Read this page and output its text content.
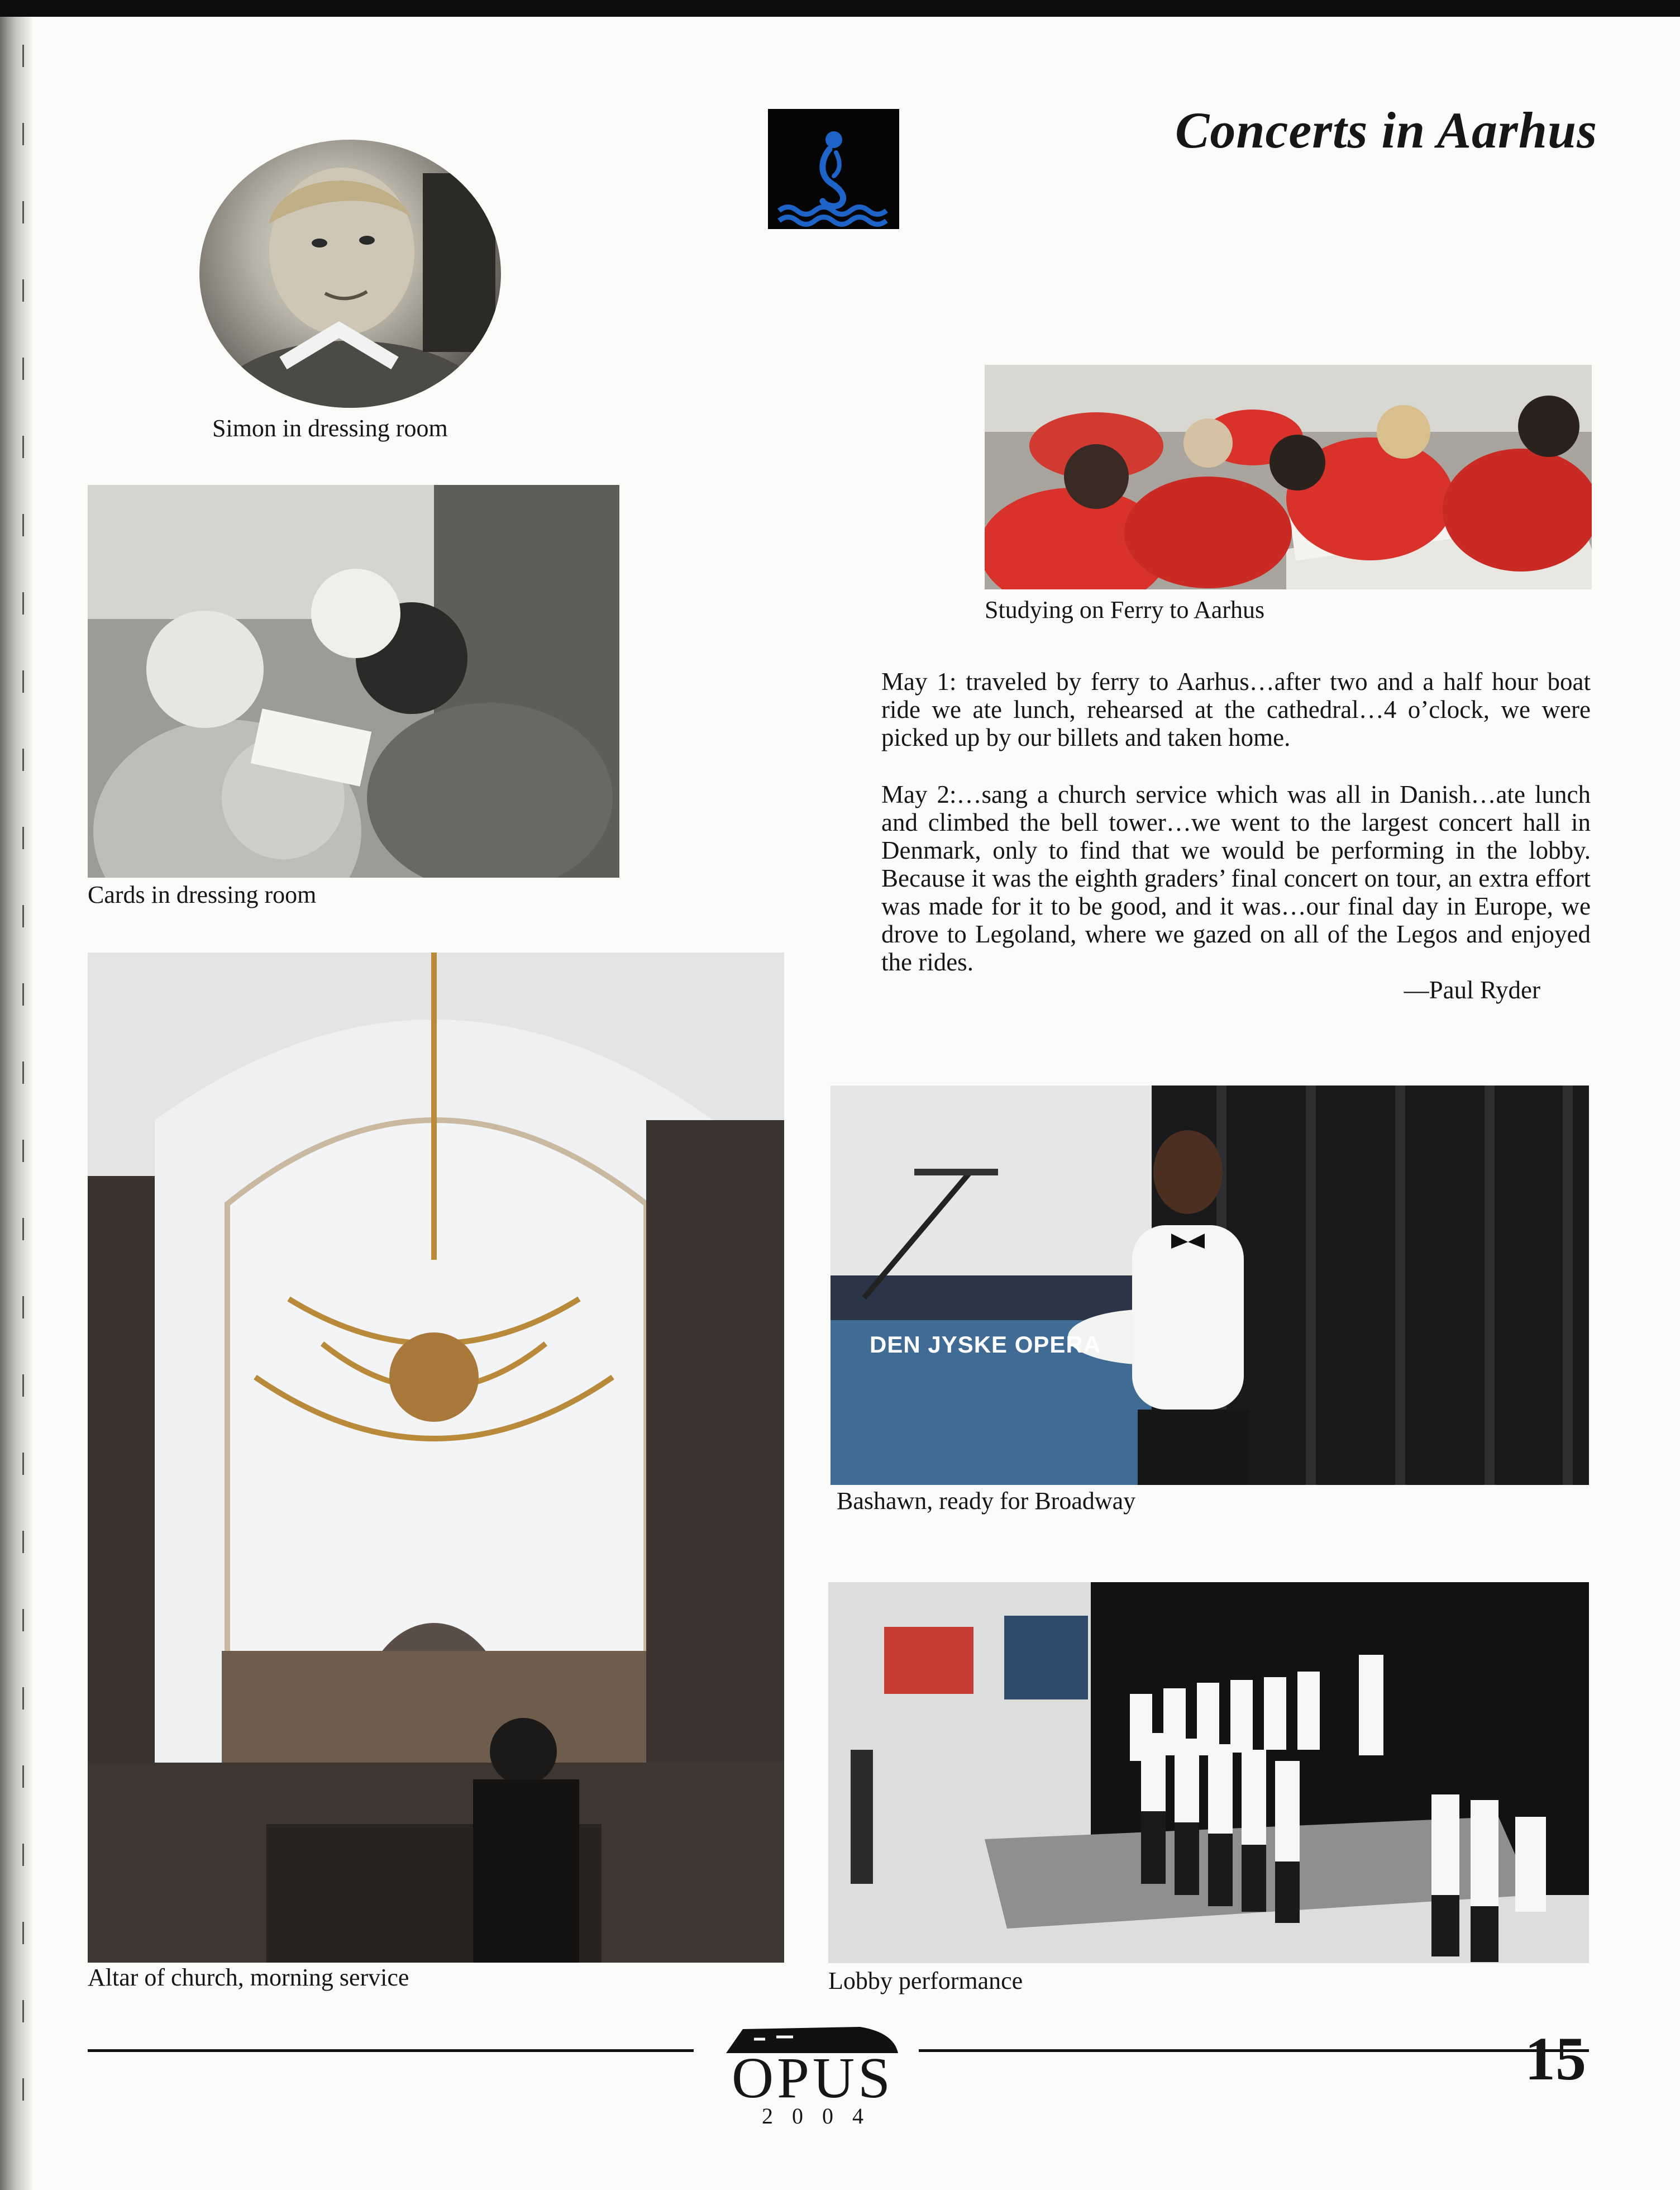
Concerts in Aarhus
Simon in dressing room
Studying on Ferry to Aarhus
Cards in dressing room
Altar of church, morning service

May 1: traveled by ferry to Aarhus…after two and a half hour boat ride we ate lunch, rehearsed at the cathedral…4 o’clock, we were picked up by our billets and taken home.

May 2:…sang a church service which was all in Danish…ate lunch and climbed the bell tower…we went to the largest concert hall in Denmark, only to find that we would be performing in the lobby. Because it was the eighth graders’ final concert on tour, an extra effort was made for it to be good, and it was…our final day in Europe, we drove to Legoland, where we gazed on all of the Legos and enjoyed the rides.

—Paul Ryder
DEN JYSKE OPERA
Bashawn, ready for Broadway
Lobby performance
OPUS
2004
15
